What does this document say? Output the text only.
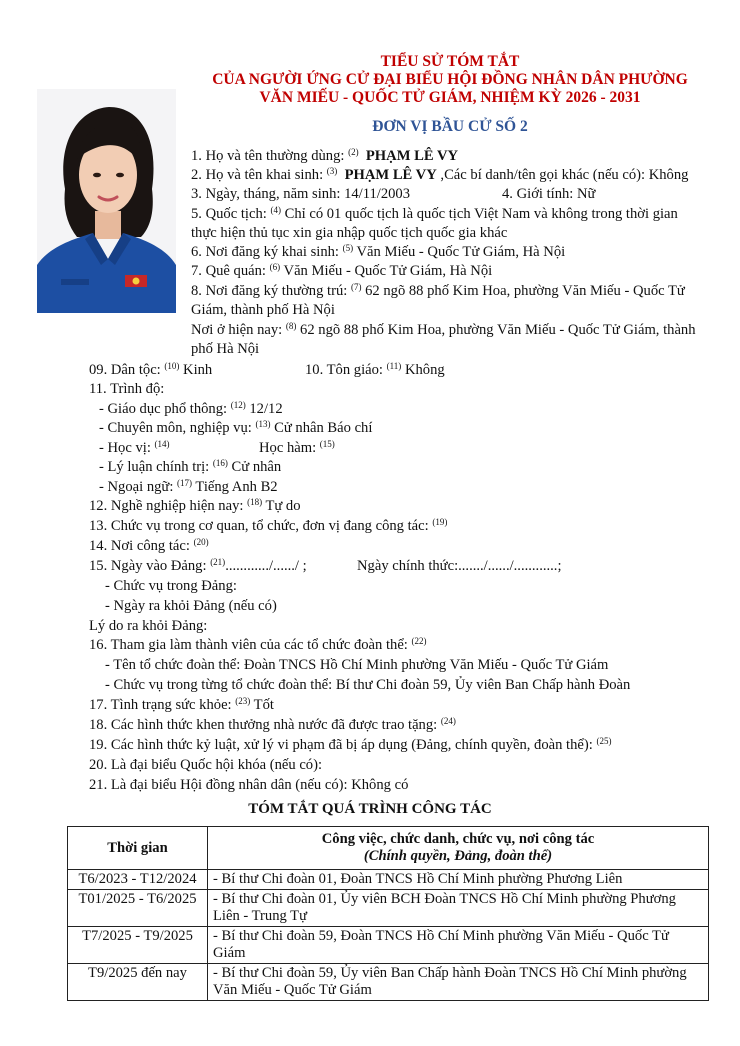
TIỂU SỬ TÓM TẮT
CỦA NGƯỜI ỨNG CỬ ĐẠI BIỂU HỘI ĐỒNG NHÂN DÂN PHƯỜNG
VĂN MIẾU - QUỐC TỬ GIÁM, NHIỆM KỲ 2026 - 2031
ĐƠN VỊ BẦU CỬ SỐ 2
1. Họ và tên thường dùng: $^{(2)}$ PHẠM LÊ VY
2. Họ và tên khai sinh: $^{(3)}$ PHẠM LÊ VY ,Các bí danh/tên gọi khác (nếu có): Không
3. Ngày, tháng, năm sinh: 14/11/2003	4. Giới tính: Nữ
5. Quốc tịch: $^{(4)}$ Chỉ có 01 quốc tịch là quốc tịch Việt Nam và không trong thời gian
thực hiện thủ tục xin gia nhập quốc tịch quốc gia khác
6. Nơi đăng ký khai sinh: $^{(5)}$ Văn Miếu - Quốc Tử Giám, Hà Nội
7. Quê quán: $^{(6)}$ Văn Miếu - Quốc Tử Giám, Hà Nội
8. Nơi đăng ký thường trú: $^{(7)}$ 62 ngõ 88 phố Kim Hoa, phường Văn Miếu - Quốc Tử
Giám, thành phố Hà Nội
Nơi ở hiện nay: $^{(8)}$ 62 ngõ 88 phố Kim Hoa, phường Văn Miếu - Quốc Tử Giám, thành
phố Hà Nội
09. Dân tộc: $^{(10)}$ Kinh	10. Tôn giáo: $^{(11)}$ Không
11. Trình độ:
- Giáo dục phổ thông: $^{(12)}$ 12/12
- Chuyên môn, nghiệp vụ: $^{(13)}$ Cử nhân Báo chí
- Học vị: $^{(14)}$	Học hàm: $^{(15)}$
- Lý luận chính trị: $^{(16)}$ Cử nhân
- Ngoại ngữ: $^{(17)}$ Tiếng Anh B2
12. Nghề nghiệp hiện nay: $^{(18)}$ Tự do
13. Chức vụ trong cơ quan, tổ chức, đơn vị đang công tác: $^{(19)}$
14. Nơi công tác: $^{(20)}$
15. Ngày vào Đảng: $^{(21)}$............/....../ ;	Ngày chính thức:......./....../............;
- Chức vụ trong Đảng:
- Ngày ra khỏi Đảng (nếu có)
Lý do ra khỏi Đảng:
16. Tham gia làm thành viên của các tổ chức đoàn thể: $^{(22)}$
- Tên tổ chức đoàn thể: Đoàn TNCS Hồ Chí Minh phường Văn Miếu - Quốc Tử Giám
- Chức vụ trong từng tổ chức đoàn thể: Bí thư Chi đoàn 59, Ủy viên Ban Chấp hành Đoàn
17. Tình trạng sức khỏe: $^{(23)}$ Tốt
18. Các hình thức khen thưởng nhà nước đã được trao tặng: $^{(24)}$
19. Các hình thức kỷ luật, xử lý vi phạm đã bị áp dụng (Đảng, chính quyền, đoàn thể): $^{(25)}$
20. Là đại biểu Quốc hội khóa (nếu có):
21. Là đại biểu Hội đồng nhân dân (nếu có): Không có
TÓM TẮT QUÁ TRÌNH CÔNG TÁC
Thời gian	Công việc, chức danh, chức vụ, nơi công tác
(Chính quyền, Đảng, đoàn thể)

T6/2023 - T12/2024	- Bí thư Chi đoàn 01, Đoàn TNCS Hồ Chí Minh phường Phương Liên
T01/2025 - T6/2025	- Bí thư Chi đoàn 01, Ủy viên BCH Đoàn TNCS Hồ Chí Minh phường Phương Liên - Trung Tự
T7/2025 - T9/2025	- Bí thư Chi đoàn 59, Đoàn TNCS Hồ Chí Minh phường Văn Miếu - Quốc Tử Giám
T9/2025 đến nay	- Bí thư Chi đoàn 59, Ủy viên Ban Chấp hành Đoàn TNCS Hồ Chí Minh phường Văn Miếu - Quốc Tử Giám
